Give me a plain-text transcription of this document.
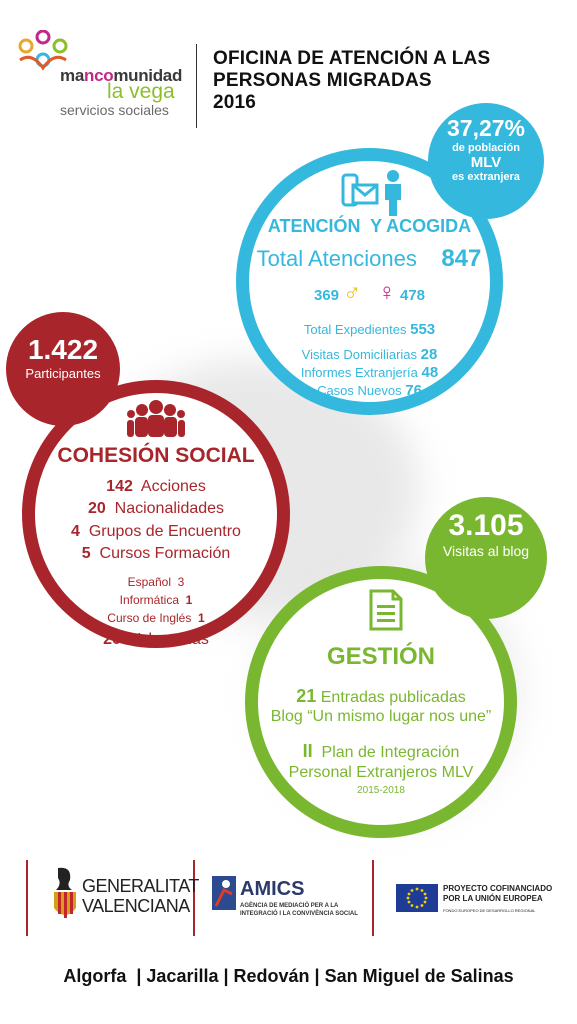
mancomunidad
la vega
servicios sociales
OFICINA DE ATENCIÓN A LAS
PERSONAS MIGRADAS
2016
ATENCIÓN  Y ACOGIDA
Total Atenciones 847
369 ♂ ♀ 478
Total Expedientes 553
Visitas Domiciliarias 28
Informes Extranjería 48
Casos Nuevos 76
37,27%
de población
MLV
es extranjera
COHESIÓN SOCIAL
142 Acciones
20 Nacionalidades
4 Grupos de Encuentro
5 Cursos Formación
Español 3
Informática 1
Curso de Inglés 1
20 Voluntarias
1.422
Participantes
GESTIÓN
21 Entradas publicadas
Blog “Un mismo lugar nos une”
II Plan de Integración
Personal Extranjeros MLV
2015-2018
3.105
Visitas al blog
GENERALITAT
VALENCIANA
AMICS
AGÈNCIA DE MEDIACIÓ PER A LA
INTEGRACIÓ I LA CONVIVÈNCIA SOCIAL
PROYECTO COFINANCIADO
POR LA UNIÓN EUROPEA
FONDO EUROPEO DE DESARROLLO REGIONAL
Algorfa  | Jacarilla | Redován | San Miguel de Salinas
